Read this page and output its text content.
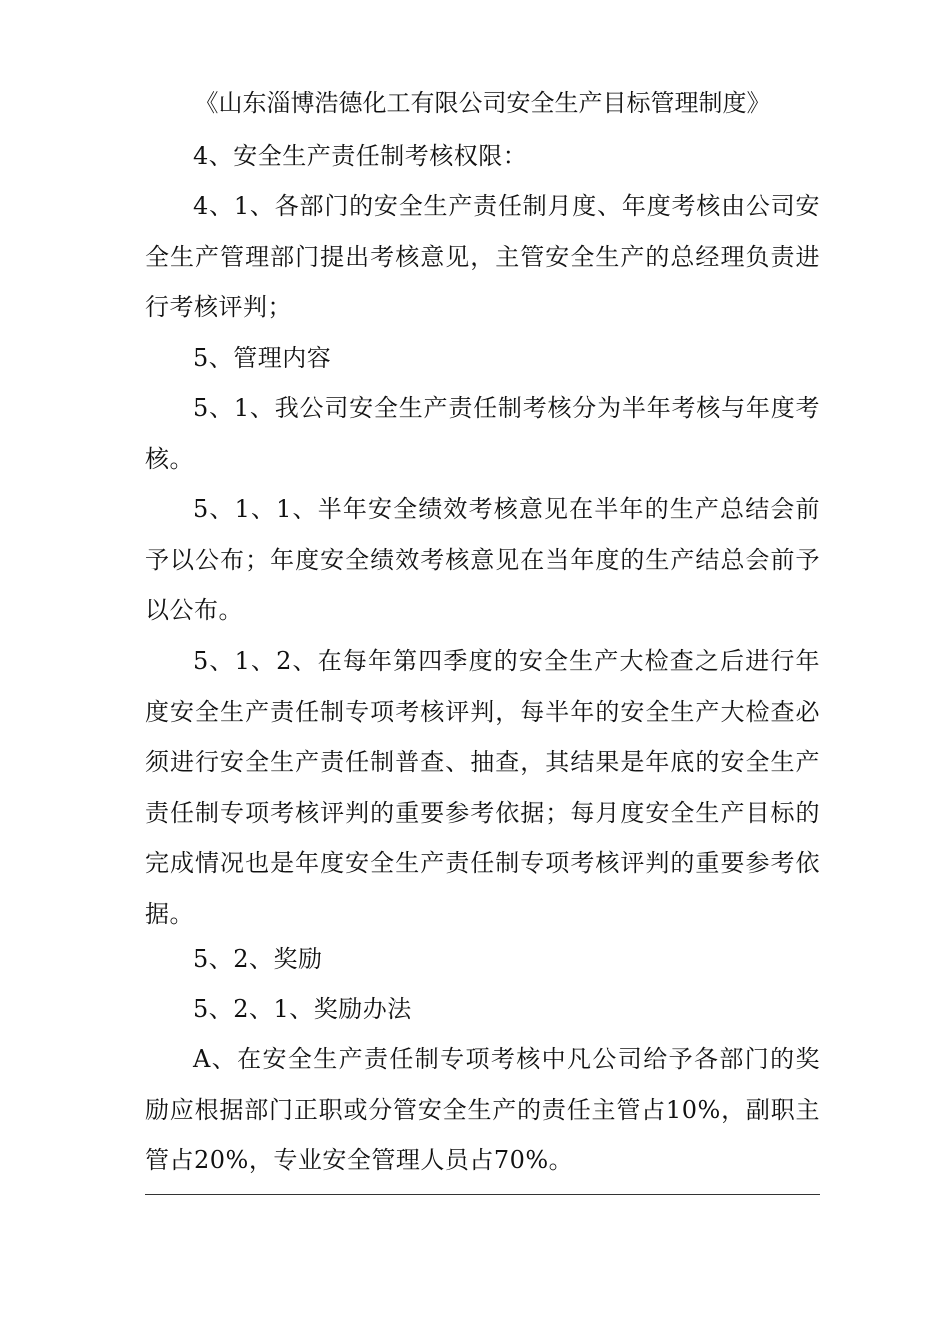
《山东淄博浩德化工有限公司安全生产目标管理制度》

4、安全生产责任制考核权限：

4、1、各部门的安全生产责任制月度、年度考核由公司安全生产管理部门提出考核意见，主管安全生产的总经理负责进行考核评判；

5、管理内容

5、1、我公司安全生产责任制考核分为半年考核与年度考核。

5、1、1、半年安全绩效考核意见在半年的生产总结会前予以公布；年度安全绩效考核意见在当年度的生产结总会前予以公布。

5、1、2、在每年第四季度的安全生产大检查之后进行年度安全生产责任制专项考核评判，每半年的安全生产大检查必须进行安全生产责任制普查、抽查，其结果是年底的安全生产责任制专项考核评判的重要参考依据；每月度安全生产目标的完成情况也是年度安全生产责任制专项考核评判的重要参考依据。

5、2、奖励

5、2、1、奖励办法

A、在安全生产责任制专项考核中凡公司给予各部门的奖励应根据部门正职或分管安全生产的责任主管占10%，副职主管占20%，专业安全管理人员占70%。
